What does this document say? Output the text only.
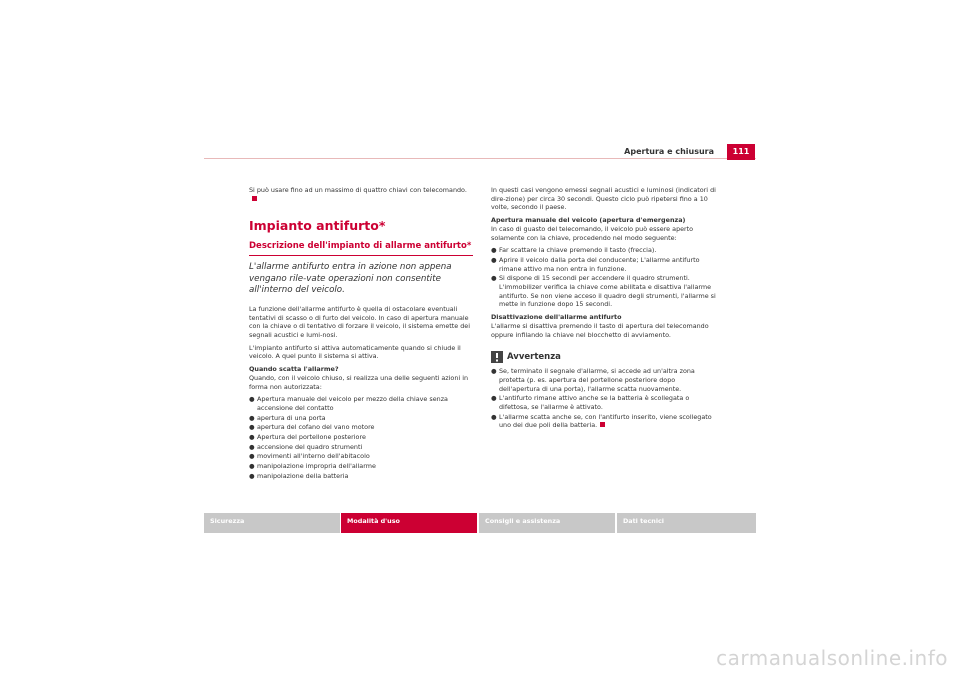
Apertura e chiusura	111

Si può usare fino ad un massimo di quattro chiavi con telecomando.

Impianto antifurto*
Descrizione dell'impianto di allarme antifurto*
L'allarme antifurto entra in azione non appena vengano rile-vate operazioni non consentite all'interno del veicolo.

La funzione dell'allarme antifurto è quella di ostacolare eventuali tentativi di scasso o di furto del veicolo. In caso di apertura manuale con la chiave o di tentativo di forzare il veicolo, il sistema emette dei segnali acustici e lumi-nosi.

L'impianto antifurto si attiva automaticamente quando si chiude il veicolo. A quel punto il sistema si attiva.

Quando scatta l'allarme?

Quando, con il veicolo chiuso, si realizza una delle seguenti azioni in forma non autorizzata:

● Apertura manuale del veicolo per mezzo della chiave senza accensione del contatto
● apertura di una porta
● apertura del cofano del vano motore
● Apertura del portellone posteriore
● accensione del quadro strumenti
● movimenti all'interno dell'abitacolo
● manipolazione impropria dell'allarme
● manipolazione della batteria

In questi casi vengono emessi segnali acustici e luminosi (indicatori di dire-zione) per circa 30 secondi. Questo ciclo può ripetersi fino a 10 volte, secondo il paese.

Apertura manuale del veicolo (apertura d'emergenza)

In caso di guasto del telecomando, il veicolo può essere aperto solamente con la chiave, procedendo nel modo seguente:

● Far scattare la chiave premendo il tasto (freccia).
● Aprire il veicolo dalla porta del conducente; L'allarme antifurto rimane attivo ma non entra in funzione.
● Si dispone di 15 secondi per accendere il quadro strumenti. L'immobilizer verifica la chiave come abilitata e disattiva l'allarme antifurto. Se non viene acceso il quadro degli strumenti, l'allarme si mette in funzione dopo 15 secondi.

Disattivazione dell'allarme antifurto

L'allarme si disattiva premendo il tasto di apertura del telecomando oppure infilando la chiave nel blocchetto di avviamento.

Avvertenza
● Se, terminato il segnale d'allarme, si accede ad un'altra zona protetta (p. es. apertura del portellone posteriore dopo dell'apertura di una porta), l'allarme scatta nuovamente.
● L'antifurto rimane attivo anche se la batteria è scollegata o difettosa, se l'allarme è attivato.
● L'allarme scatta anche se, con l'antifurto inserito, viene scollegato uno dei due poli della batteria.
Sicurezza	Modalità d'uso	Consigli e assistenza	Dati tecnici
carmanualsonline.info
